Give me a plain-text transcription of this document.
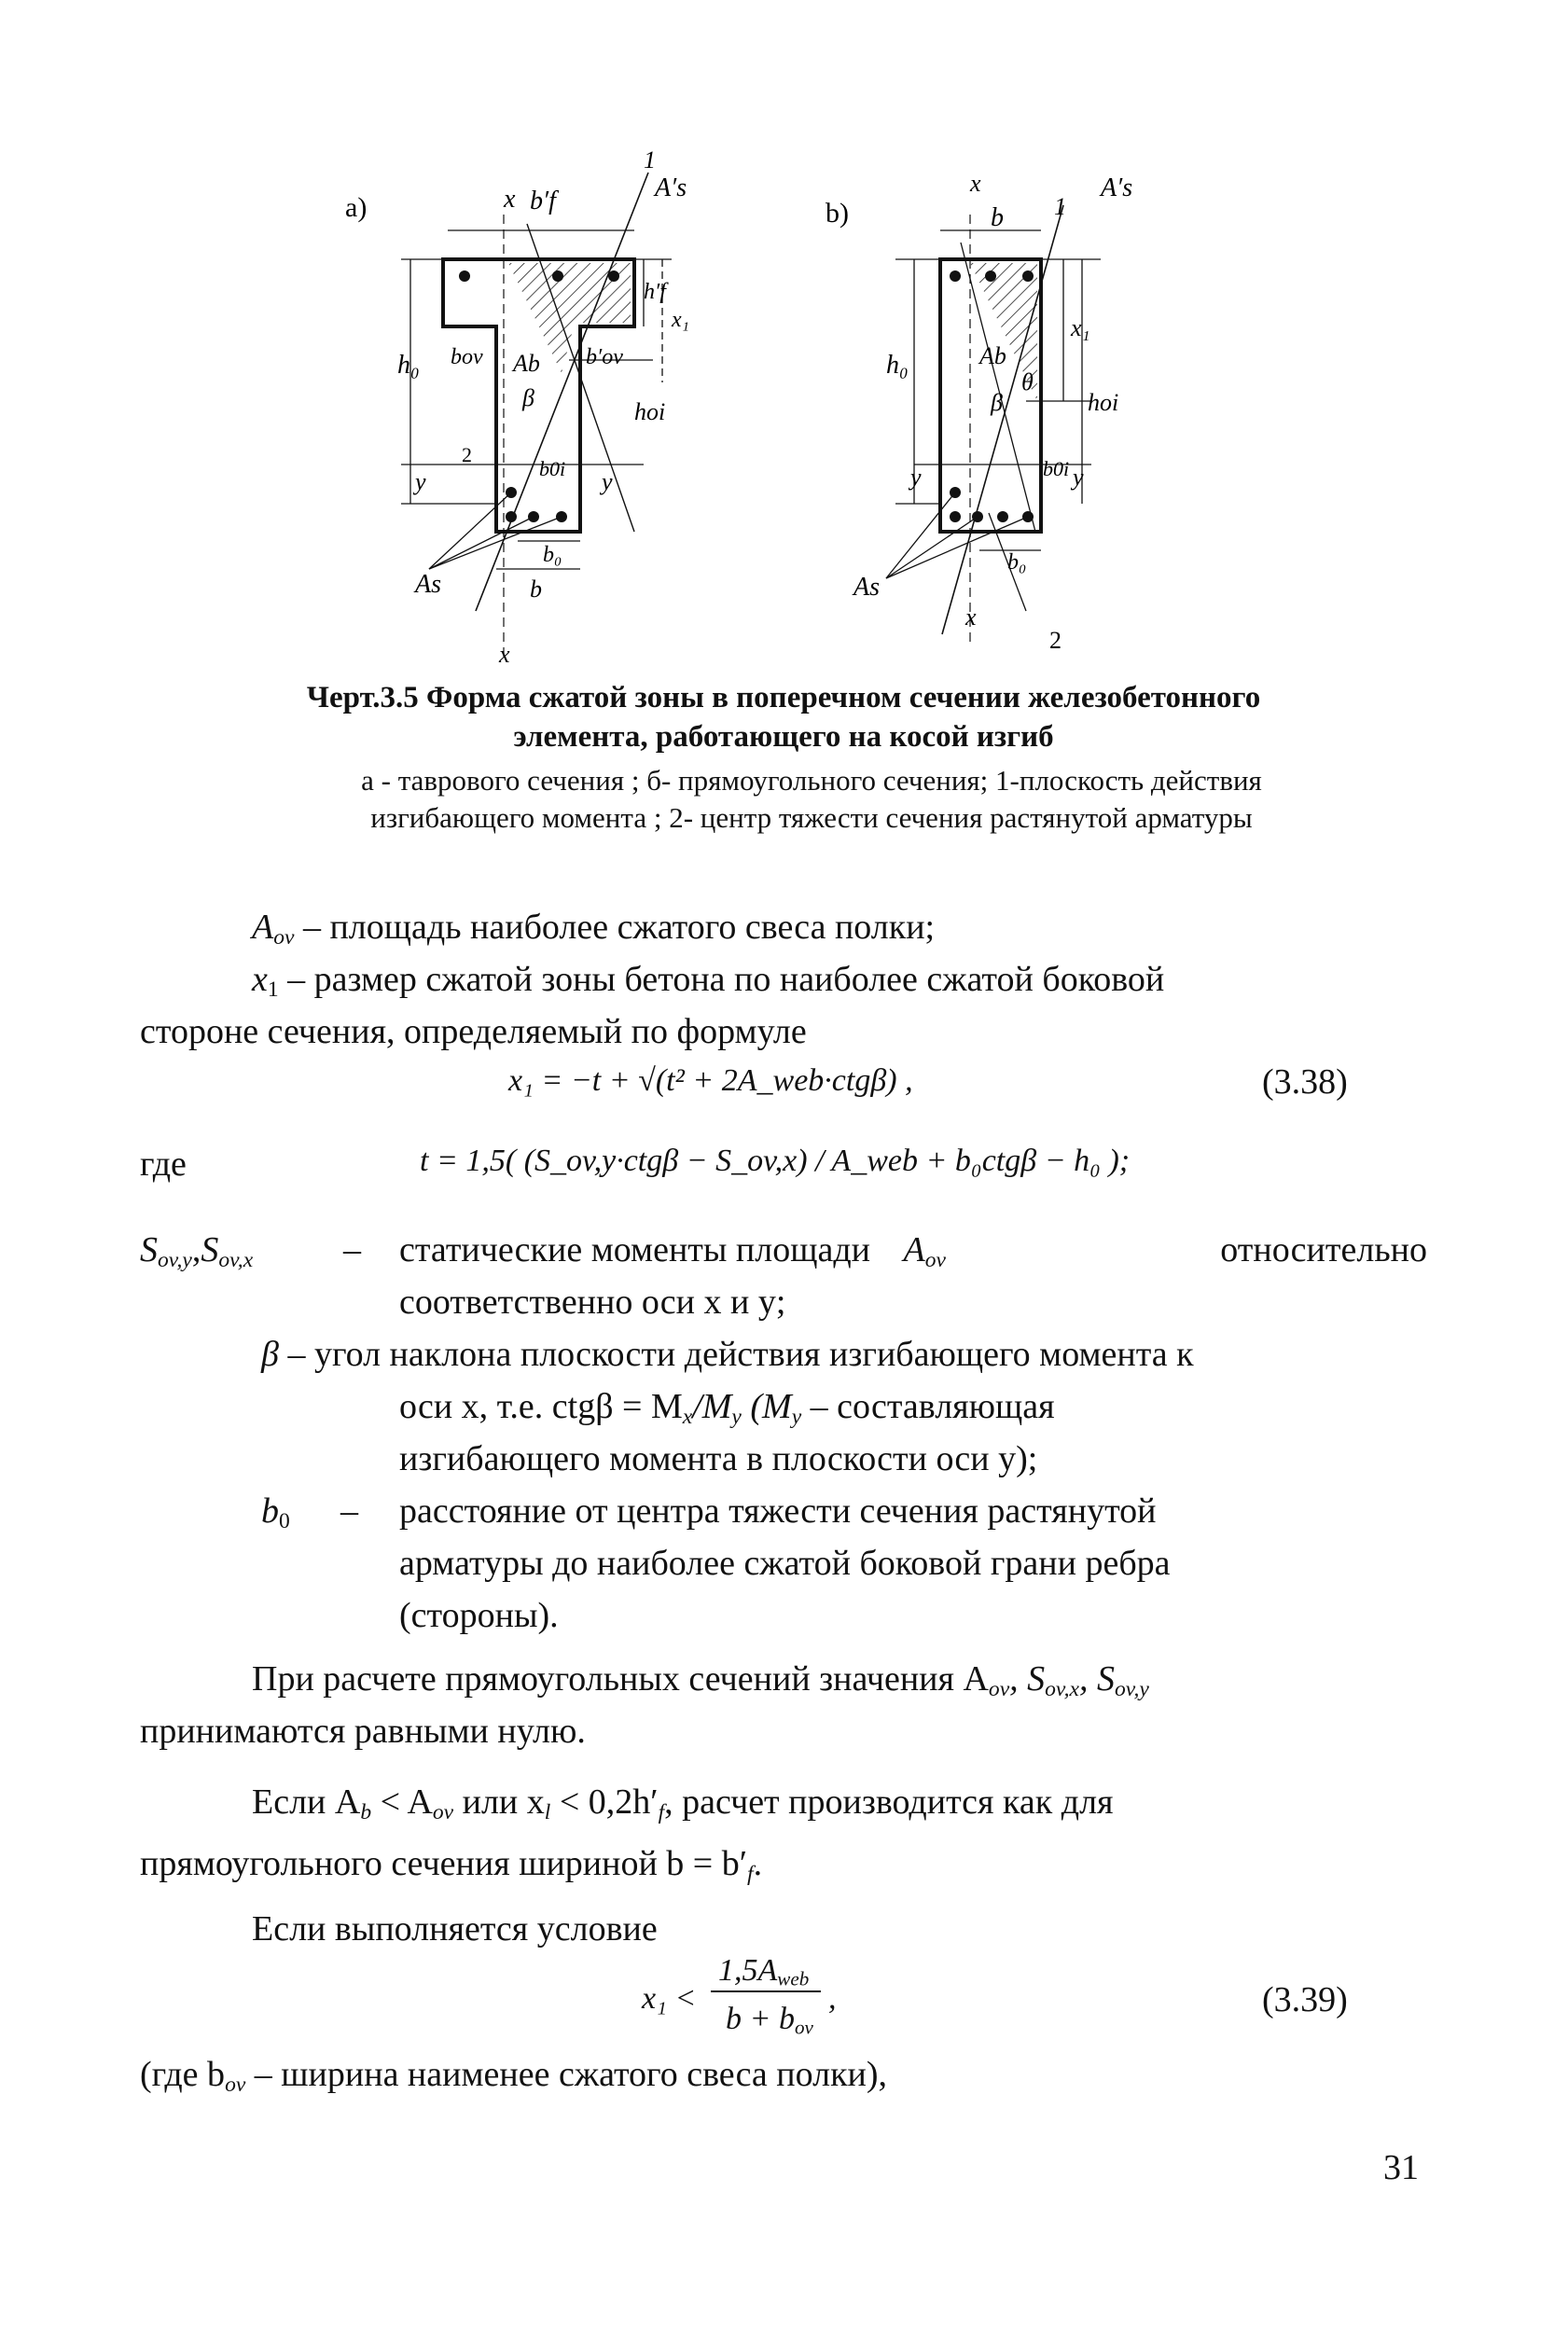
a)	x b′f	A′s
1
h₀
h′f
x₁
hoi
bov	b′ov
Ab
β
b0i
y	y
2
As
b₀
b
x
b)
x
b 1
A′s
h₀
x₁
hoi
Ab
β
θ
b0i
y	y
As
b₀
x
2
Черт.3.5 Форма сжатой зоны в поперечном сечении железобетонного
элемента, работающего на косой изгиб
а - таврового сечения ; б- прямоугольного сечения; 1-плоскость действия
изгибающего момента ; 2- центр тяжести сечения растянутой арматуры
$A_{ov}$ – площадь наиболее сжатого свеса полки;
$x_1$ – размер сжатой зоны бетона по наиболее сжатой боковой
стороне сечения, определяемый по формуле
x₁ = −t + √(t² + 2A_web·ctgβ) ,	(3.38)
где	t = 1,5( (S_ov,y·ctgβ − S_ov,x) / A_web + b₀ctgβ − h₀ );
$S_{ov,y},S_{ov,x}$	– статические моменты площади $A_{ov}$	относительно
соответственно оси x и y;
β – угол наклона плоскости действия изгибающего момента к
оси x, т.е. $ctg\beta = M_x/M_y$ ($M_y$ – составляющая
изгибающего момента в плоскости оси y);
$b_0$ – расстояние от центра тяжести сечения растянутой
арматуры до наиболее сжатой боковой грани ребра
(стороны).
При расчете прямоугольных сечений значения $A_{ov}$, $S_{ov,x}$, $S_{ov,y}$
принимаются равными нулю.
Если $A_b < A_{ov}$ или $x_l < 0,2h'_f$, расчет производится как для
прямоугольного сечения шириной $b = b'_f$.
Если выполняется условие
x₁ <
$1,5A_{web}$
$b + b_{ov}$
,	(3.39)
(где $b_{ov}$ – ширина наименее сжатого свеса полки),
31
